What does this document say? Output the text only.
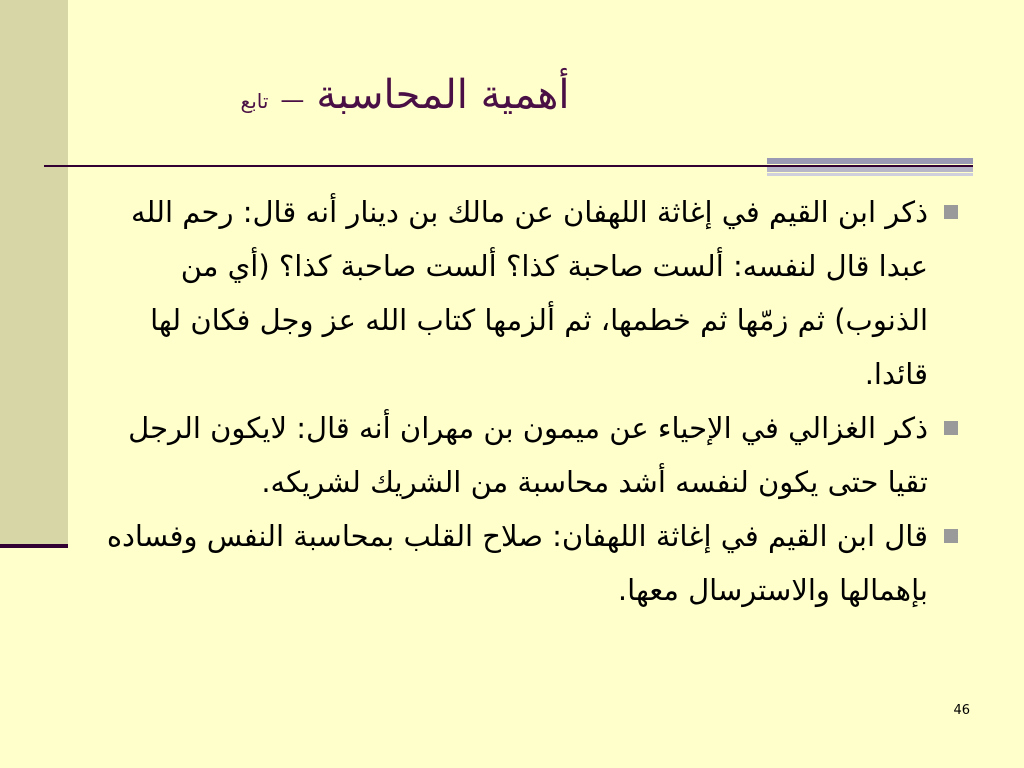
أهمية المحاسبة—تابع
ذكر ابن القيم في إغاثة اللهفان عن مالك بن دينار أنه قال: رحم الله عبدا قال لنفسه: ألست صاحبة كذا؟ ألست صاحبة كذا؟ (أي من الذنوب) ثم زمّها ثم خطمها، ثم ألزمها كتاب الله عز وجل فكان لها قائدا.
ذكر الغزالي في الإحياء عن ميمون بن مهران أنه قال: لايكون الرجل تقيا حتى يكون لنفسه أشد محاسبة من الشريك لشريكه.
قال ابن القيم في إغاثة اللهفان: صلاح القلب بمحاسبة النفس وفساده بإهمالها والاسترسال معها.
46
